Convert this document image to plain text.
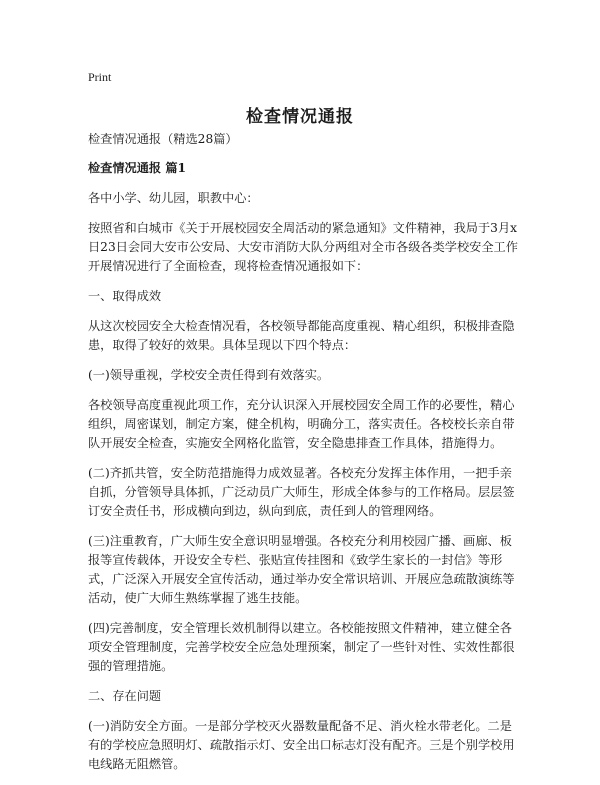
Print
检查情况通报

检查情况通报（精选28篇）

检查情况通报 篇1

各中小学、幼儿园，职教中心：

按照省和白城市《关于开展校园安全周活动的紧急通知》文件精神，我局于3月x日23日会同大安市公安局、大安市消防大队分两组对全市各级各类学校安全工作开展情况进行了全面检查，现将检查情况通报如下：

一、取得成效

从这次校园安全大检查情况看，各校领导都能高度重视、精心组织，积极排查隐患，取得了较好的效果。具体呈现以下四个特点：

(一)领导重视，学校安全责任得到有效落实。

各校领导高度重视此项工作，充分认识深入开展校园安全周工作的必要性，精心组织，周密谋划，制定方案，健全机构，明确分工，落实责任。各校校长亲自带队开展安全检查，实施安全网格化监管，安全隐患排查工作具体，措施得力。

(二)齐抓共管，安全防范措施得力成效显著。各校充分发挥主体作用，一把手亲自抓，分管领导具体抓，广泛动员广大师生，形成全体参与的工作格局。层层签订安全责任书，形成横向到边，纵向到底，责任到人的管理网络。

(三)注重教育，广大师生安全意识明显增强。各校充分利用校园广播、画廊、板报等宣传载体，开设安全专栏、张贴宣传挂图和《致学生家长的一封信》等形式，广泛深入开展安全宣传活动，通过举办安全常识培训、开展应急疏散演练等活动，使广大师生熟练掌握了逃生技能。

(四)完善制度，安全管理长效机制得以建立。各校能按照文件精神，建立健全各项安全管理制度，完善学校安全应急处理预案，制定了一些针对性、实效性都很强的管理措施。

二、存在问题

(一)消防安全方面。一是部分学校灭火器数量配备不足、消火栓水带老化。二是有的学校应急照明灯、疏散指示灯、安全出口标志灯没有配齐。三是个别学校用电线路无阻燃管。
